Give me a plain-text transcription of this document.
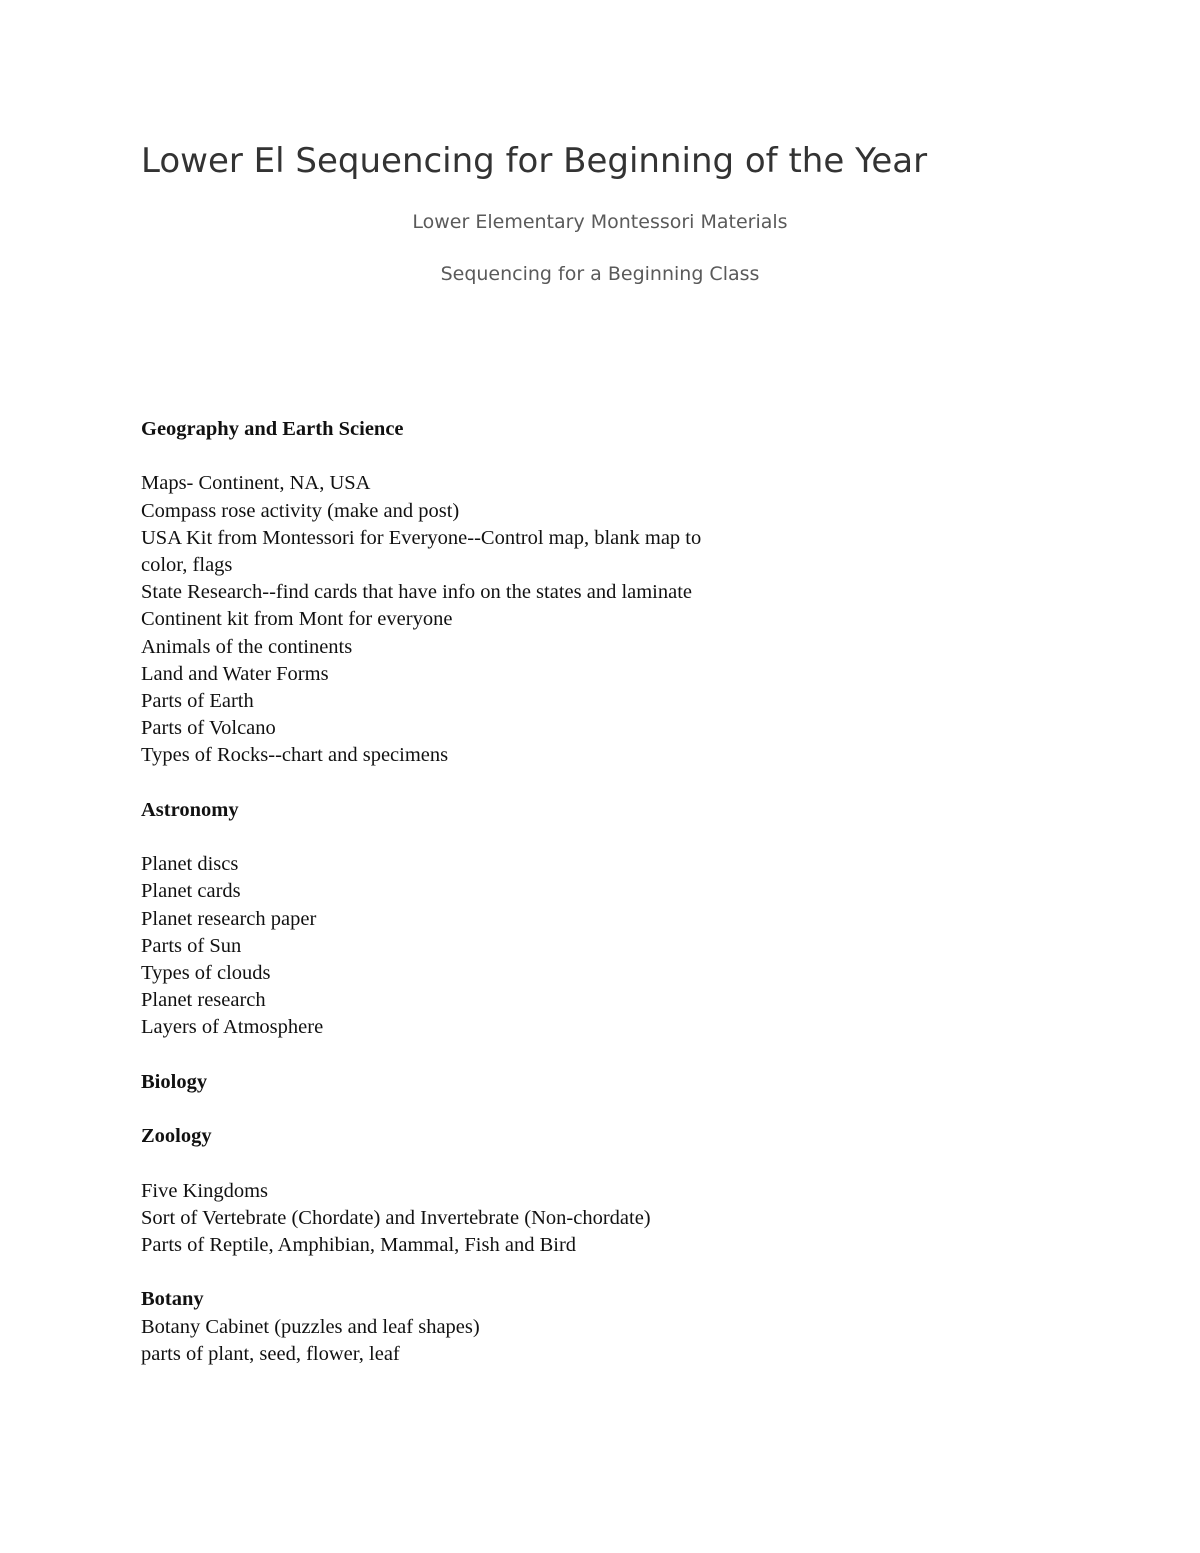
Lower El Sequencing for Beginning of the Year

Lower Elementary Montessori Materials

Sequencing for a Beginning Class

Geography and Earth Science

Maps- Continent, NA, USA

Compass rose activity (make and post)

USA Kit from Montessori for Everyone--Control map, blank map to

color, flags

State Research--find cards that have info on the states and laminate

Continent kit from Mont for everyone

Animals of the continents

Land and Water Forms

Parts of Earth

Parts of Volcano

Types of Rocks--chart and specimens

Astronomy

Planet discs

Planet cards

Planet research paper

Parts of Sun

Types of clouds

Planet research

Layers of Atmosphere

Biology

Zoology

Five Kingdoms

Sort of Vertebrate (Chordate) and Invertebrate (Non-chordate)

Parts of Reptile, Amphibian, Mammal, Fish and Bird

Botany

Botany Cabinet (puzzles and leaf shapes)

parts of plant, seed, flower, leaf
